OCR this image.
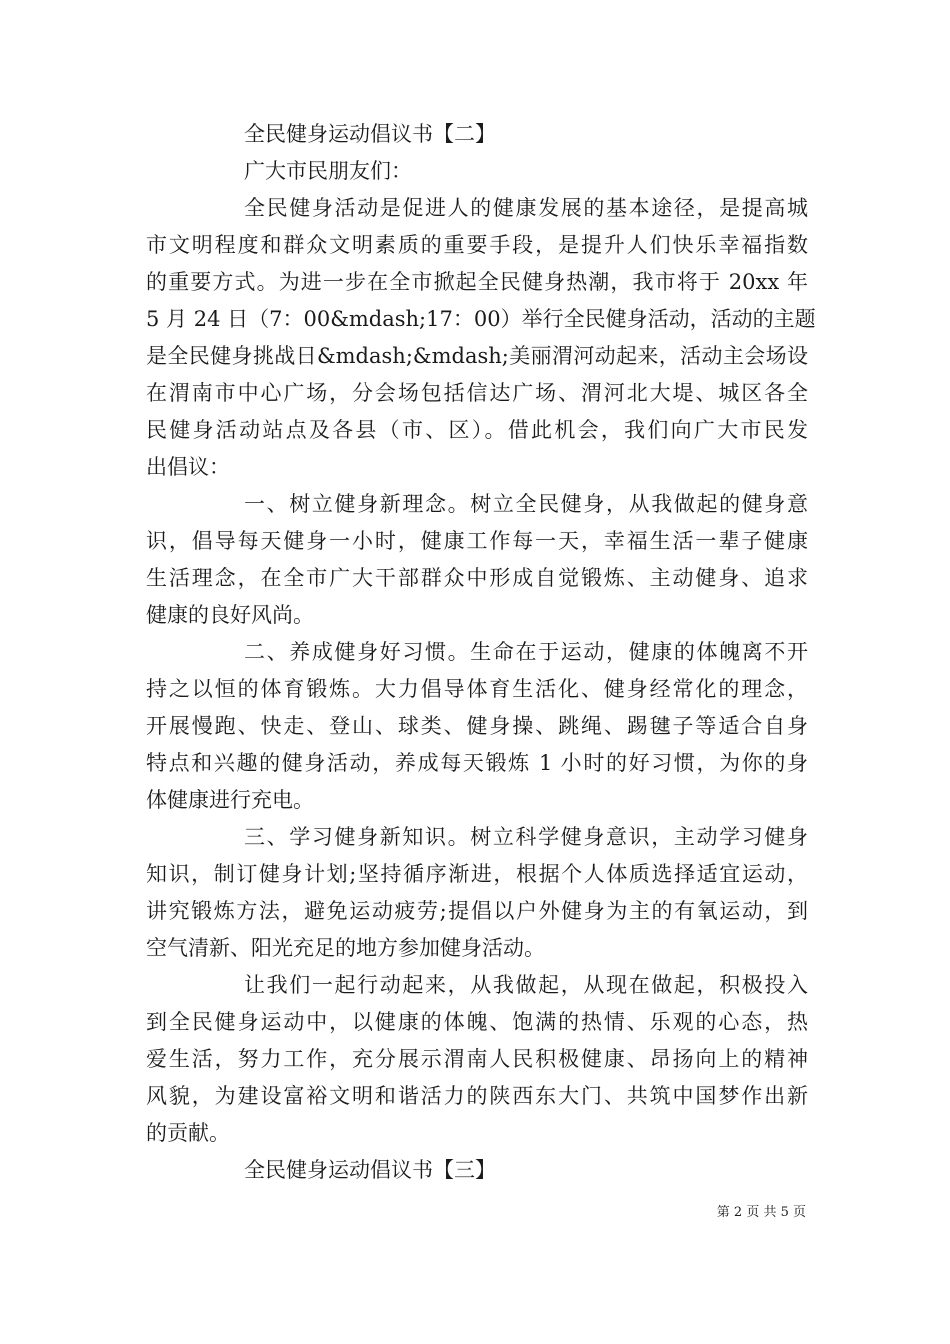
全民健身运动倡议书【二】
广大市民朋友们：
全民健身活动是促进人的健康发展的基本途径，是提高城
市文明程度和群众文明素质的重要手段，是提升人们快乐幸福指数
的重要方式。为进一步在全市掀起全民健身热潮，我市将于 20xx 年
5 月 24 日（7：00&mdash;17：00）举行全民健身活动，活动的主题
是全民健身挑战日&mdash;&mdash;美丽渭河动起来，活动主会场设
在渭南市中心广场，分会场包括信达广场、渭河北大堤、城区各全
民健身活动站点及各县（市、区）。借此机会，我们向广大市民发
出倡议：
一、树立健身新理念。树立全民健身，从我做起的健身意
识，倡导每天健身一小时，健康工作每一天，幸福生活一辈子健康
生活理念，在全市广大干部群众中形成自觉锻炼、主动健身、追求
健康的良好风尚。
二、养成健身好习惯。生命在于运动，健康的体魄离不开
持之以恒的体育锻炼。大力倡导体育生活化、健身经常化的理念，
开展慢跑、快走、登山、球类、健身操、跳绳、踢毽子等适合自身
特点和兴趣的健身活动，养成每天锻炼 1 小时的好习惯，为你的身
体健康进行充电。
三、学习健身新知识。树立科学健身意识，主动学习健身
知识，制订健身计划;坚持循序渐进，根据个人体质选择适宜运动，
讲究锻炼方法，避免运动疲劳;提倡以户外健身为主的有氧运动，到
空气清新、阳光充足的地方参加健身活动。
让我们一起行动起来，从我做起，从现在做起，积极投入
到全民健身运动中，以健康的体魄、饱满的热情、乐观的心态，热
爱生活，努力工作，充分展示渭南人民积极健康、昂扬向上的精神
风貌，为建设富裕文明和谐活力的陕西东大门、共筑中国梦作出新
的贡献。
全民健身运动倡议书【三】
第 2 页 共 5 页
